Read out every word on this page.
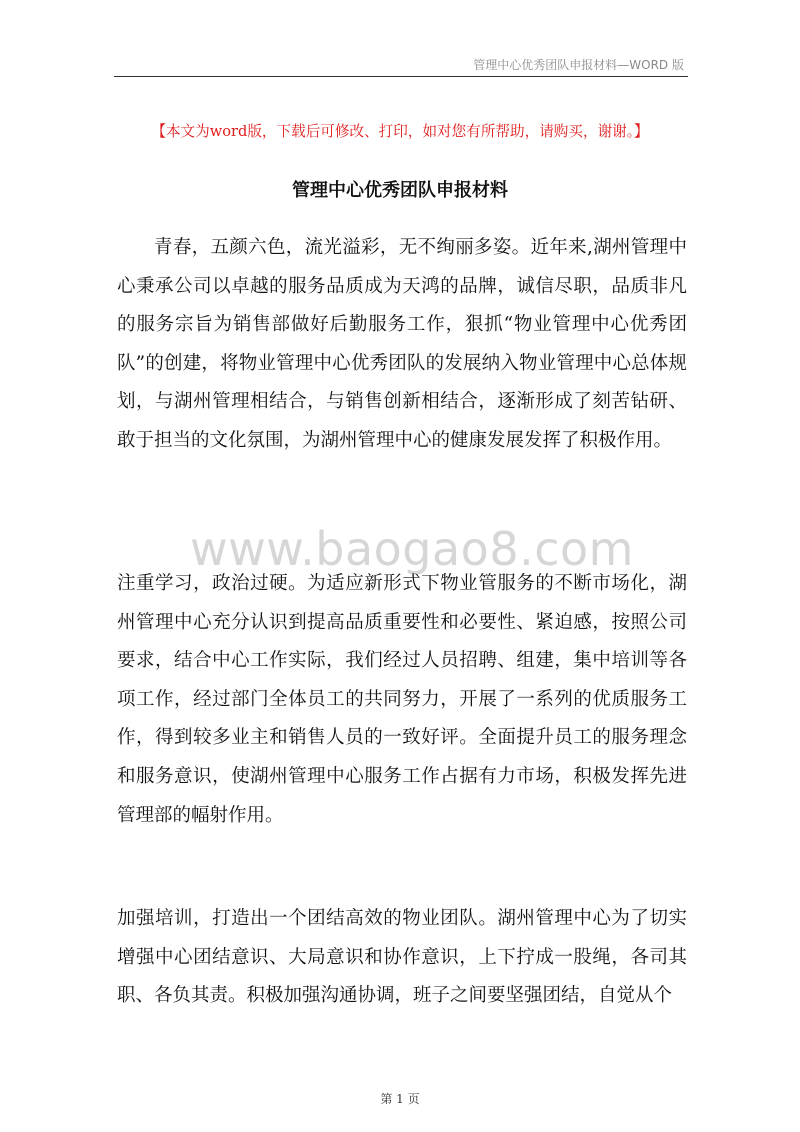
管理中心优秀团队申报材料—WORD 版
【本文为word版，下载后可修改、打印，如对您有所帮助，请购买，谢谢。】
管理中心优秀团队申报材料

青春，五颜六色，流光溢彩，无不绚丽多姿。近年来,湖州管理中心秉承公司以卓越的服务品质成为天鸿的品牌，诚信尽职，品质非凡的服务宗旨为销售部做好后勤服务工作，狠抓“物业管理中心优秀团队”的创建，将物业管理中心优秀团队的发展纳入物业管理中心总体规划，与湖州管理相结合，与销售创新相结合，逐渐形成了刻苦钻研、敢于担当的文化氛围，为湖州管理中心的健康发展发挥了积极作用。

www.baogao8.com

注重学习，政治过硬。为适应新形式下物业管服务的不断市场化，湖州管理中心充分认识到提高品质重要性和必要性、紧迫感，按照公司要求，结合中心工作实际，我们经过人员招聘、组建，集中培训等各项工作，经过部门全体员工的共同努力，开展了一系列的优质服务工作，得到较多业主和销售人员的一致好评。全面提升员工的服务理念和服务意识，使湖州管理中心服务工作占据有力市场，积极发挥先进管理部的幅射作用。

加强培训，打造出一个团结高效的物业团队。湖州管理中心为了切实增强中心团结意识、大局意识和协作意识，上下拧成一股绳，各司其职、各负其责。积极加强沟通协调，班子之间要坚强团结，自觉从个

第 1 页
